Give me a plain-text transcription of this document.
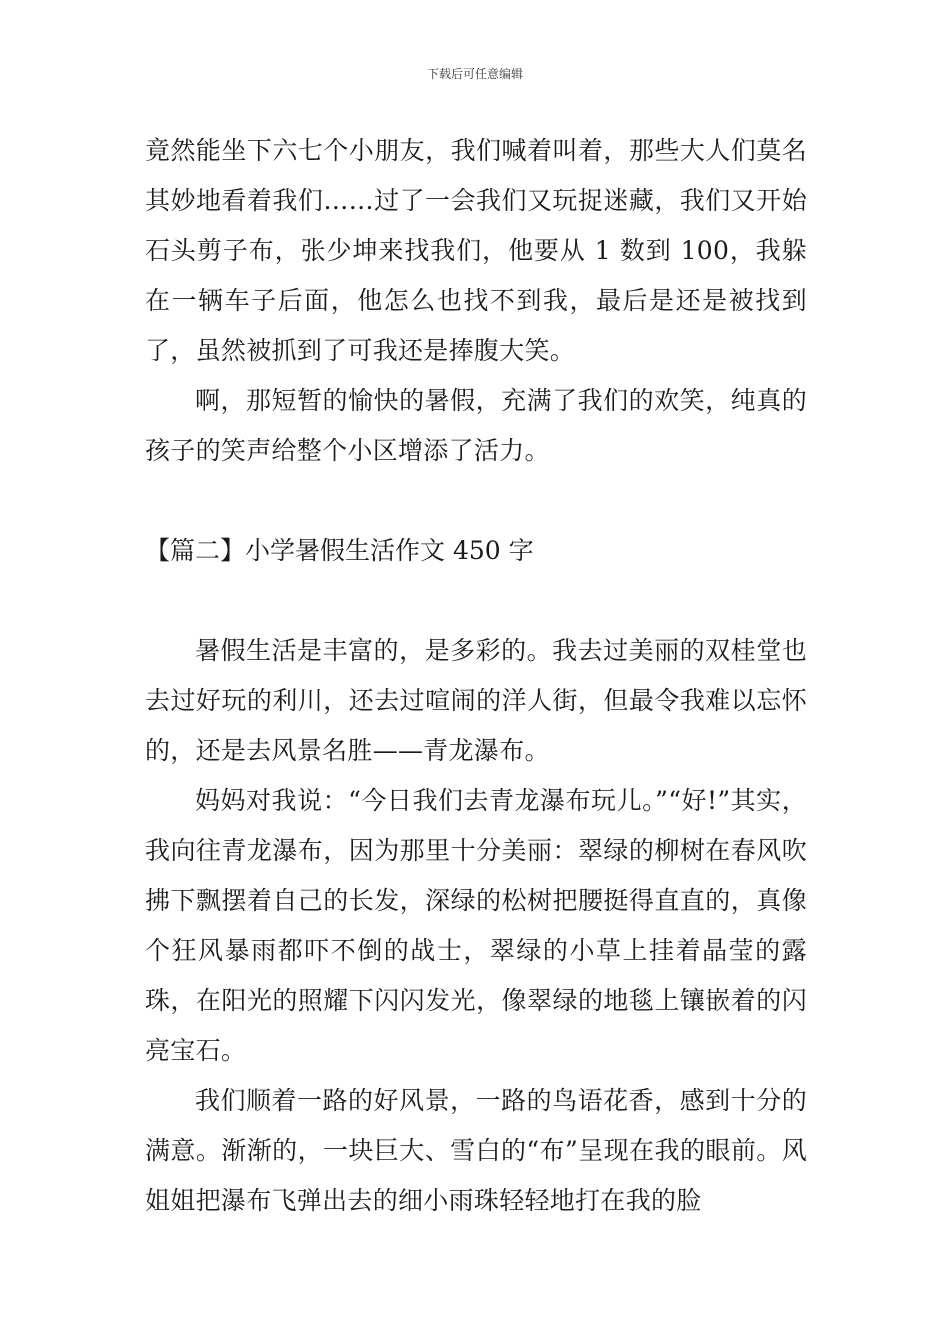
下载后可任意编辑

竟然能坐下六七个小朋友，我们喊着叫着，那些大人们莫名其妙地看着我们……过了一会我们又玩捉迷藏，我们又开始石头剪子布，张少坤来找我们，他要从 1 数到 100，我躲在一辆车子后面，他怎么也找不到我，最后是还是被找到了，虽然被抓到了可我还是捧腹大笑。

啊，那短暂的愉快的暑假，充满了我们的欢笑，纯真的孩子的笑声给整个小区增添了活力。

【篇二】小学暑假生活作文 450 字

暑假生活是丰富的，是多彩的。我去过美丽的双桂堂也去过好玩的利川，还去过喧闹的洋人街，但最令我难以忘怀的，还是去风景名胜——青龙瀑布。

妈妈对我说：“今日我们去青龙瀑布玩儿。”“好!”其实，我向往青龙瀑布，因为那里十分美丽：翠绿的柳树在春风吹拂下飘摆着自己的长发，深绿的松树把腰挺得直直的，真像个狂风暴雨都吓不倒的战士，翠绿的小草上挂着晶莹的露珠，在阳光的照耀下闪闪发光，像翠绿的地毯上镶嵌着的闪亮宝石。

我们顺着一路的好风景，一路的鸟语花香，感到十分的满意。渐渐的，一块巨大、雪白的“布”呈现在我的眼前。风姐姐把瀑布飞弹出去的细小雨珠轻轻地打在我的脸
